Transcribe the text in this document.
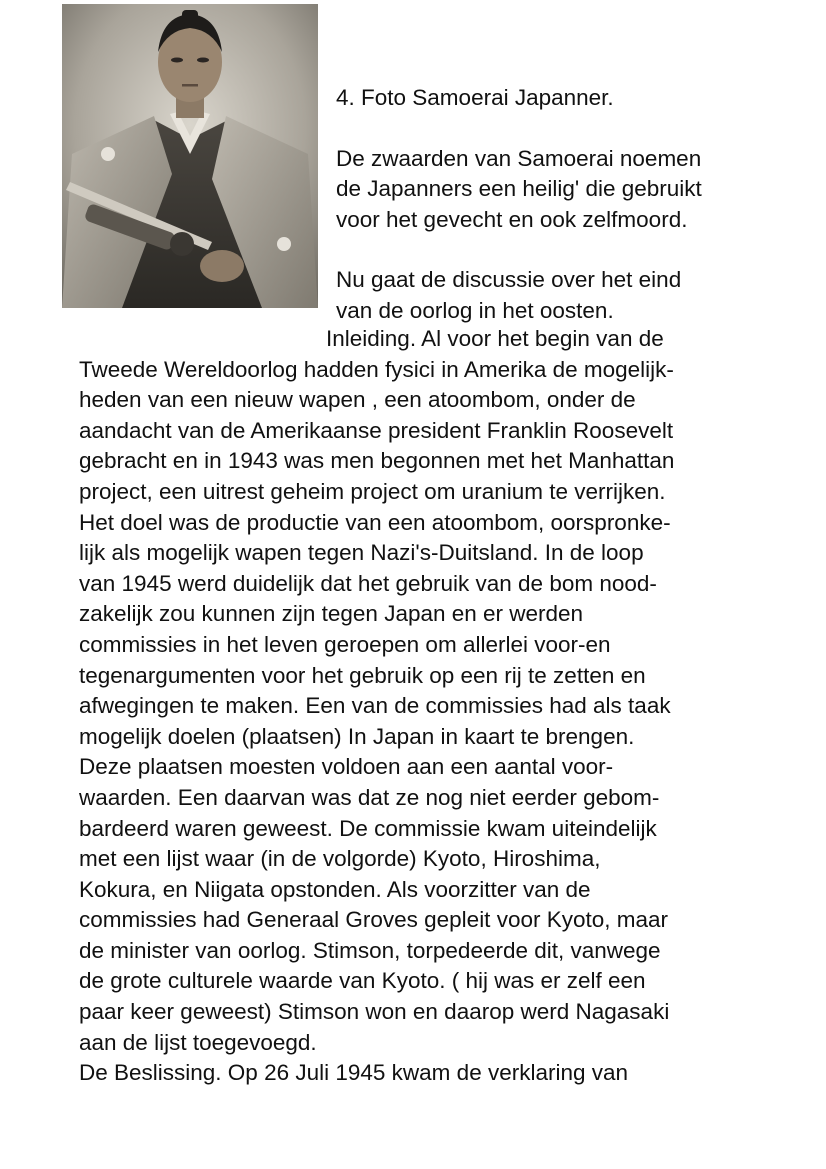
4. Foto Samoerai Japanner.

De zwaarden van Samoerai noemen

de Japanners een heilig' die gebruikt

voor het gevecht en ook zelfmoord.

Nu gaat de discussie over het eind

van de oorlog in het oosten.

Inleiding. Al voor het begin van de

Tweede Wereldoorlog hadden fysici in Amerika de mogelijk-

heden van een nieuw wapen , een atoombom, onder de

aandacht van de Amerikaanse president Franklin Roosevelt

gebracht en in 1943 was men begonnen met het Manhattan

project, een uitrest geheim project om uranium te verrijken.

Het doel was de productie van een atoombom, oorspronke-

lijk als mogelijk wapen tegen Nazi's-Duitsland. In de loop

van 1945 werd duidelijk dat het gebruik van de bom nood-

zakelijk zou kunnen zijn tegen Japan en er werden

commissies in het leven geroepen om allerlei voor-en

tegenargumenten voor het gebruik op een rij te zetten en

afwegingen te maken. Een van de commissies had als taak

mogelijk doelen (plaatsen) In Japan in kaart te brengen.

Deze plaatsen moesten voldoen aan een aantal voor-

waarden. Een daarvan was dat ze nog niet eerder gebom-

bardeerd waren geweest. De commissie kwam uiteindelijk

met een lijst waar (in de volgorde) Kyoto, Hiroshima,

Kokura, en Niigata opstonden. Als voorzitter van de

commissies had Generaal Groves gepleit voor Kyoto, maar

de minister van oorlog. Stimson, torpedeerde dit, vanwege

de grote culturele waarde van Kyoto. ( hij was er zelf een

paar keer geweest) Stimson won en daarop werd Nagasaki

aan de lijst toegevoegd.

De Beslissing. Op 26 Juli 1945 kwam de verklaring van
